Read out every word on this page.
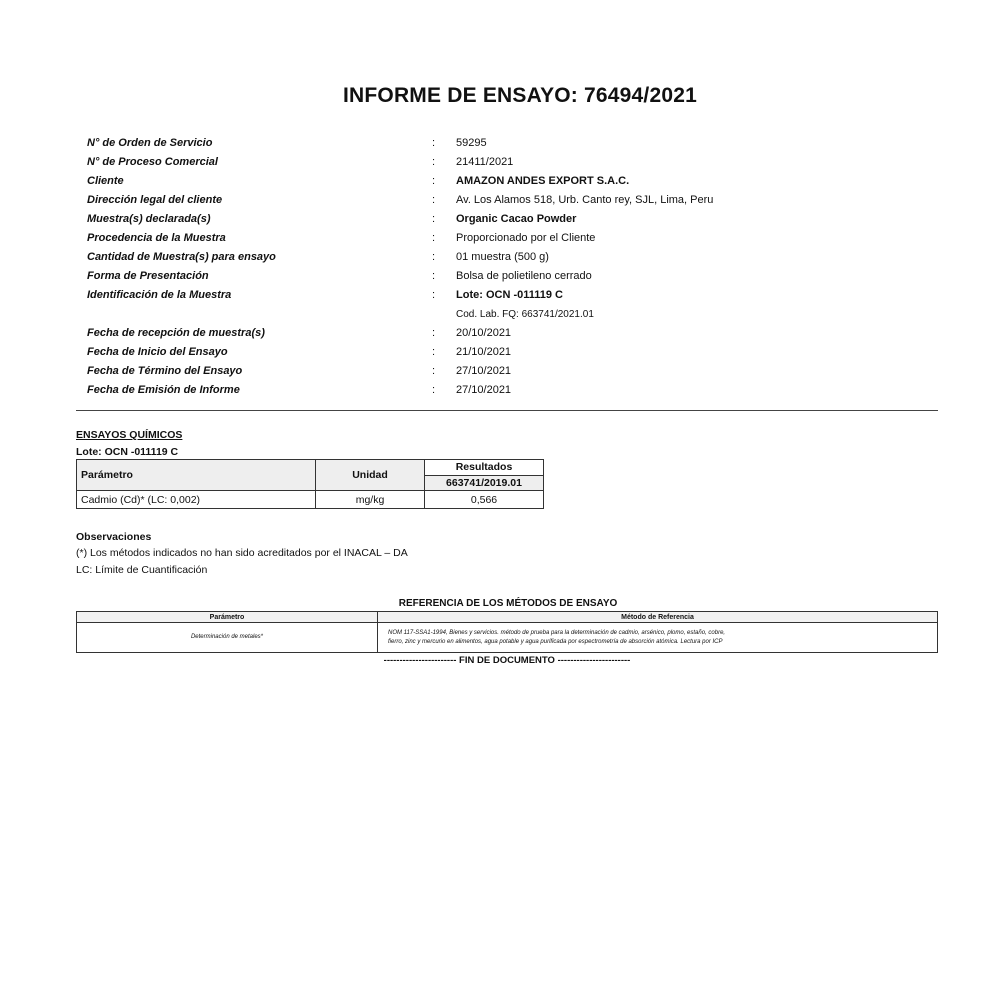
INFORME DE ENSAYO: 76494/2021
N° de Orden de Servicio	: 59295
N° de Proceso Comercial	: 21411/2021
Cliente	: AMAZON ANDES EXPORT S.A.C.
Dirección legal del cliente	: Av. Los Alamos 518, Urb. Canto rey, SJL, Lima, Peru
Muestra(s) declarada(s)	: Organic Cacao Powder
Procedencia de la Muestra	: Proporcionado por el Cliente
Cantidad de Muestra(s) para ensayo	: 01 muestra (500 g)
Forma de Presentación	: Bolsa de polietileno cerrado
Identificación de la Muestra	: Lote: OCN -011119 C
Cod. Lab. FQ: 663741/2021.01
Fecha de recepción de muestra(s)	: 20/10/2021
Fecha de Inicio del Ensayo	: 21/10/2021
Fecha de Término del Ensayo	: 27/10/2021
Fecha de Emisión de Informe	: 27/10/2021
ENSAYOS QUÍMICOS
Lote: OCN -011119 C
Parámetro	Unidad	Resultados
		663741/2019.01
Cadmio (Cd)* (LC: 0,002)	mg/kg	0,566
Observaciones
(*) Los métodos indicados no han sido acreditados por el INACAL – DA
LC: Límite de Cuantificación
REFERENCIA DE LOS MÉTODOS DE ENSAYO
Parámetro	Método de Referencia
Determinación de metales*	NOM 117-SSA1-1994, Bienes y servicios. método de prueba para la determinación de cadmio, arsénico, plomo, estaño, cobre,
fierro, zinc y mercurio en alimentos, agua potable y agua purificada por espectrometría de absorción atómica. Lectura por ICP
----------------------- FIN DE DOCUMENTO -----------------------
